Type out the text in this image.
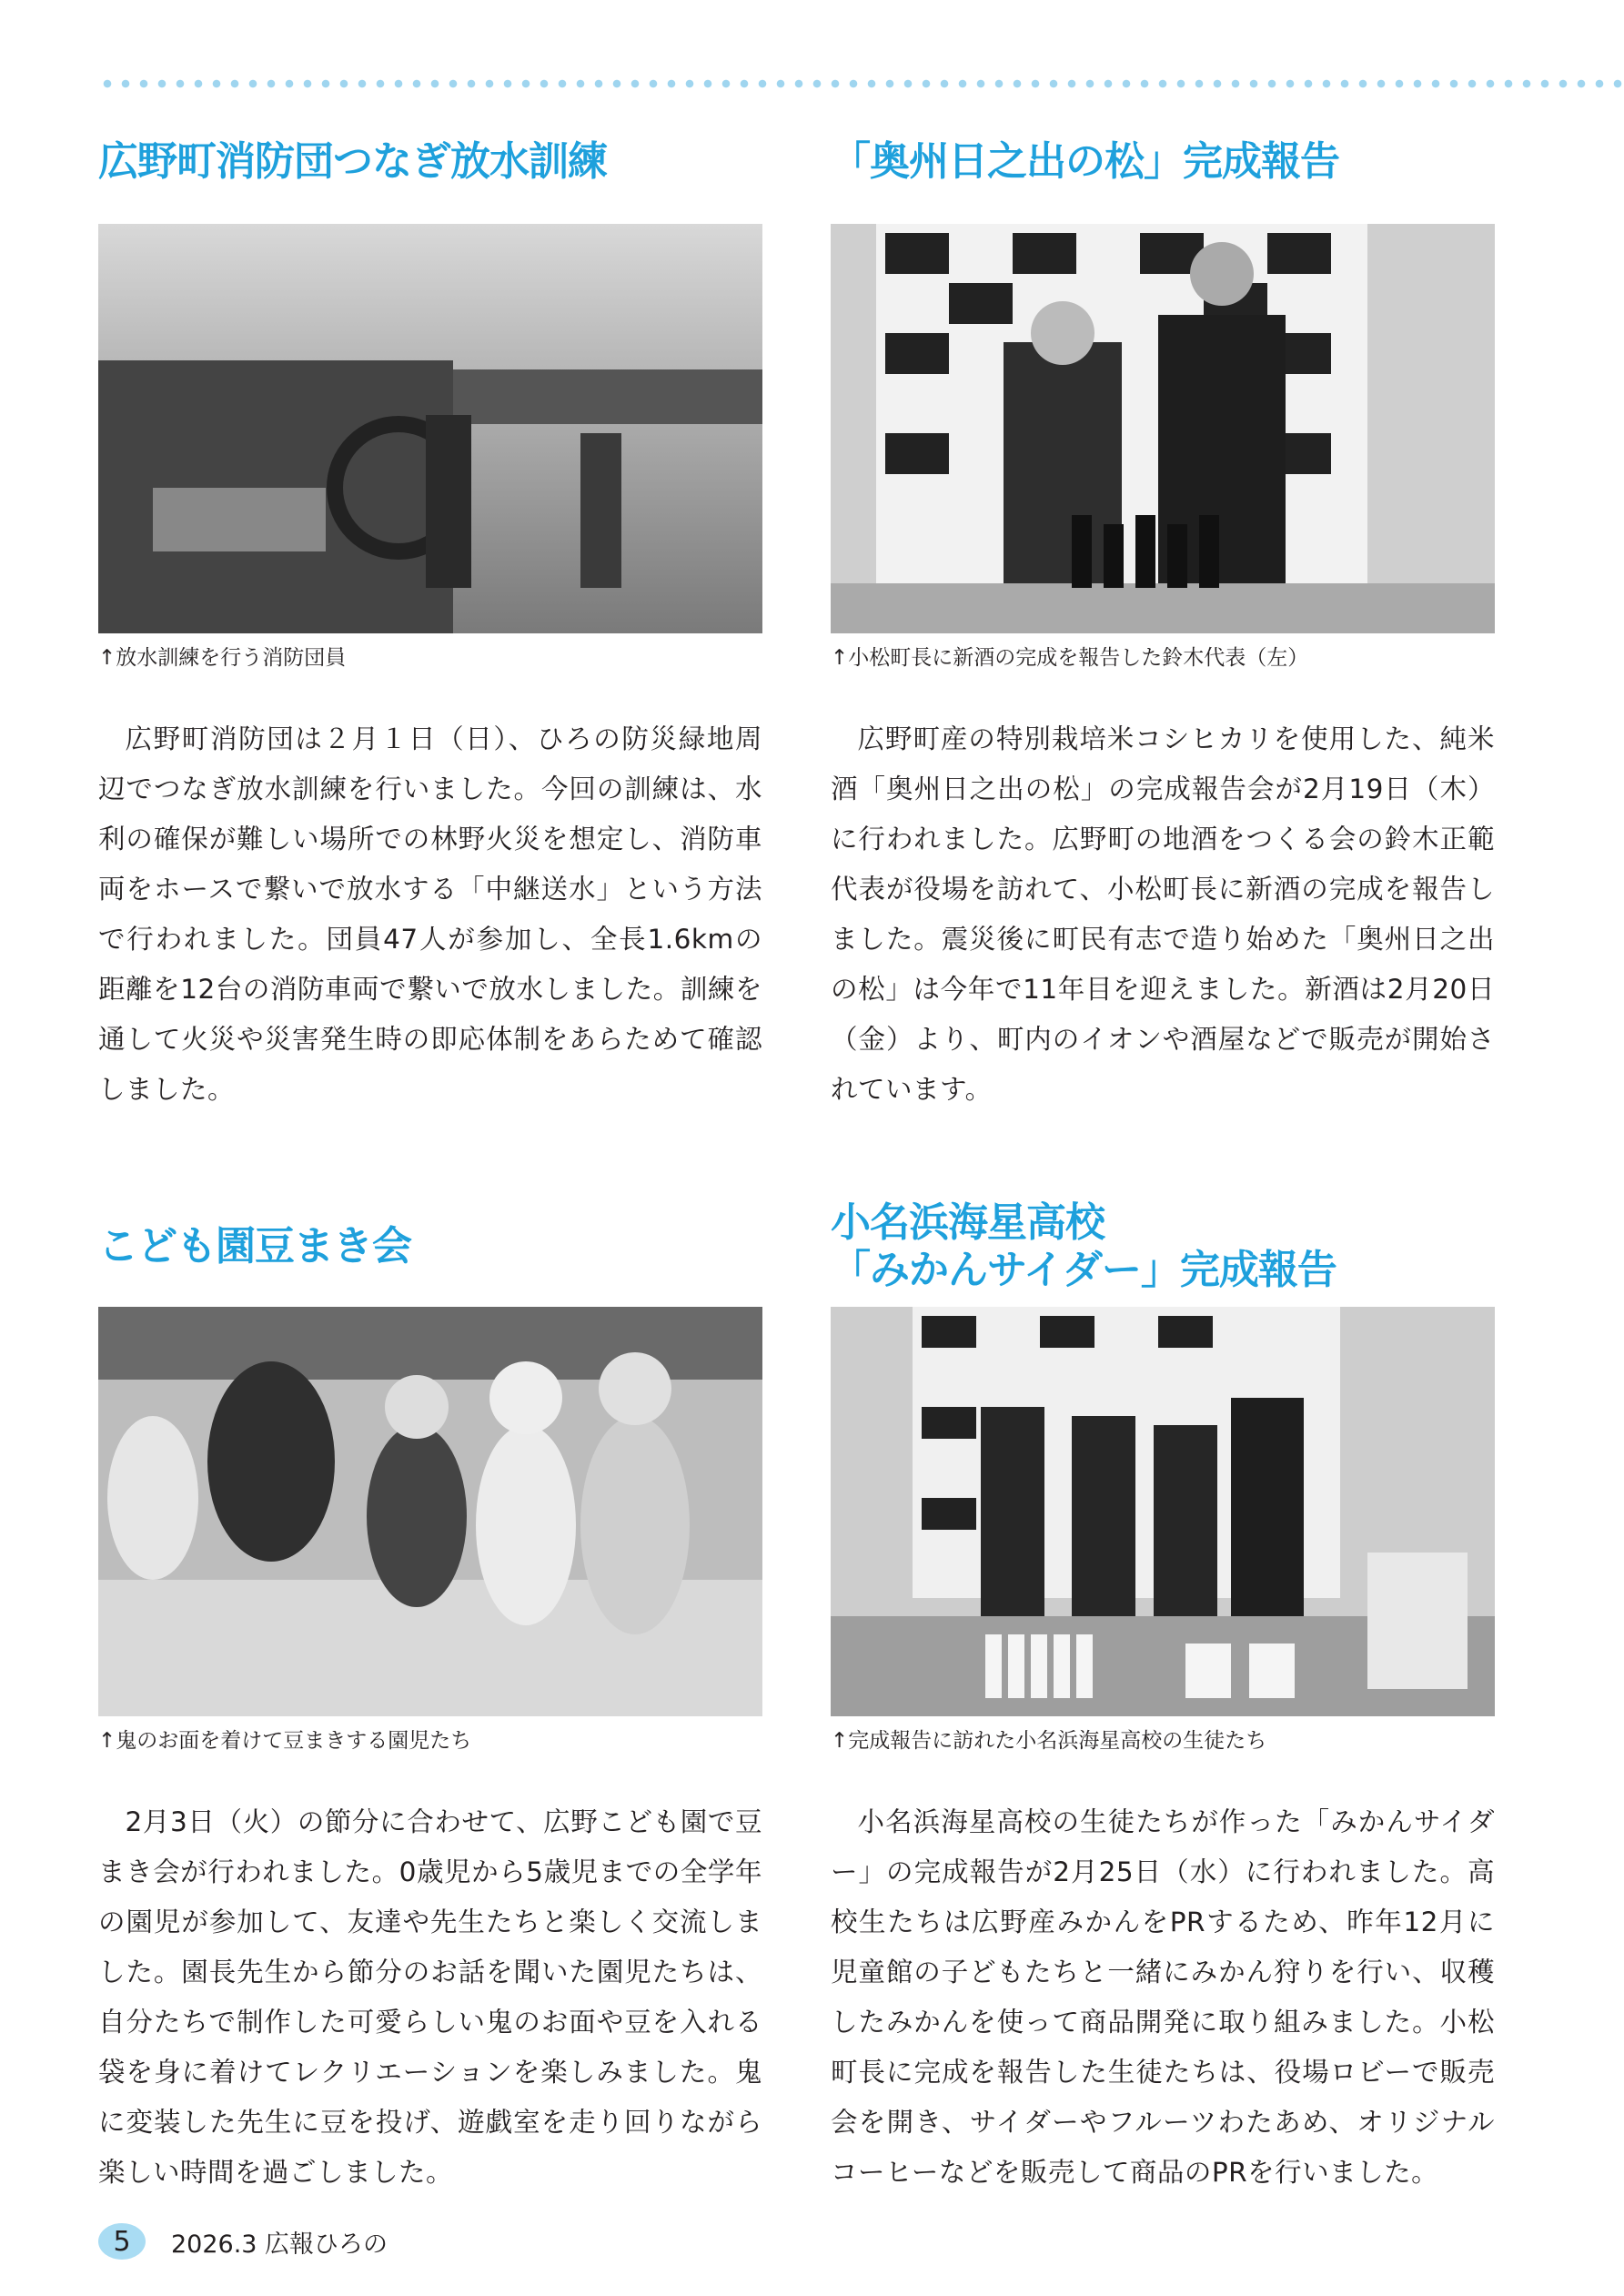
広野町消防団つなぎ放水訓練
↑放水訓練を行う消防団員

広野町消防団は２月１日（日）、ひろの防災緑地周辺でつなぎ放水訓練を行いました。今回の訓練は、水利の確保が難しい場所での林野火災を想定し、消防車両をホースで繋いで放水する「中継送水」という方法で行われました。団員47人が参加し、全長1.6kmの距離を12台の消防車両で繋いで放水しました。訓練を通して火災や災害発生時の即応体制をあらためて確認しました。

「奥州日之出の松」完成報告
↑小松町長に新酒の完成を報告した鈴木代表（左）

広野町産の特別栽培米コシヒカリを使用した、純米酒「奥州日之出の松」の完成報告会が2月19日（木）に行われました。広野町の地酒をつくる会の鈴木正範代表が役場を訪れて、小松町長に新酒の完成を報告しました。震災後に町民有志で造り始めた「奥州日之出の松」は今年で11年目を迎えました。新酒は2月20日（金）より、町内のイオンや酒屋などで販売が開始されています。

こども園豆まき会
↑鬼のお面を着けて豆まきする園児たち

2月3日（火）の節分に合わせて、広野こども園で豆まき会が行われました。0歳児から5歳児までの全学年の園児が参加して、友達や先生たちと楽しく交流しました。園長先生から節分のお話を聞いた園児たちは、自分たちで制作した可愛らしい鬼のお面や豆を入れる袋を身に着けてレクリエーションを楽しみました。鬼に変装した先生に豆を投げ、遊戯室を走り回りながら楽しい時間を過ごしました。

小名浜海星高校
「みかんサイダー」完成報告
↑完成報告に訪れた小名浜海星高校の生徒たち

小名浜海星高校の生徒たちが作った「みかんサイダー」の完成報告が2月25日（水）に行われました。高校生たちは広野産みかんをPRするため、昨年12月に児童館の子どもたちと一緒にみかん狩りを行い、収穫したみかんを使って商品開発に取り組みました。小松町長に完成を報告した生徒たちは、役場ロビーで販売会を開き、サイダーやフルーツわたあめ、オリジナルコーヒーなどを販売して商品のPRを行いました。

5	2026.3 広報ひろの
